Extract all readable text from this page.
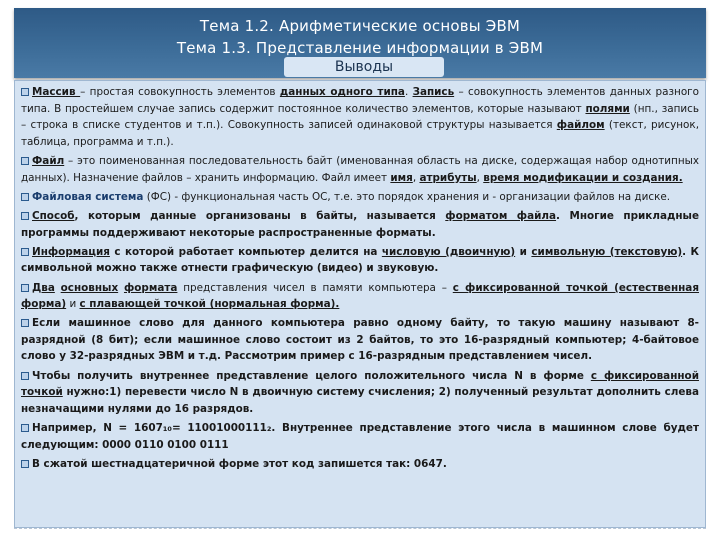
Тема 1.2. Арифметические основы ЭВМ
Тема 1.3. Представление информации в ЭВМ
Выводы
Массив – простая совокупность элементов данных одного типа. Запись – совокупность элементов данных разного типа. В простейшем случае запись содержит постоянное количество элементов, которые называют полями (нп., запись – строка в списке студентов и т.п.). Совокупность записей одинаковой структуры называется файлом (текст, рисунок, таблица, программа и т.п.).
Файл – это поименованная последовательность байт (именованная область на диске, содержащая набор однотипных данных). Назначение файлов – хранить информацию. Файл имеет имя, атрибуты, время модификации и создания.
Файловая система (ФС) - функциональная часть ОС, т.е. это порядок хранения и - организации файлов на диске.
Способ, которым данные организованы в байты, называется форматом файла. Многие прикладные программы поддерживают некоторые распространенные форматы.
Информация с которой работает компьютер делится на числовую (двоичную) и символьную (текстовую). К символьной можно также отнести графическую (видео) и звуковую.
Два основных формата представления чисел в памяти компьютера – с фиксированной точкой (естественная форма) и с плавающей точкой (нормальная форма).
Если машинное слово для данного компьютера равно одному байту, то такую машину называют 8-разрядной (8 бит); если машинное слово состоит из 2 байтов, то это 16-разрядный компьютер; 4-байтовое слово у 32-разрядных ЭВМ и т.д. Рассмотрим пример с 16-разрядным представлением чисел.
Чтобы получить внутреннее представление целого положительного числа N в форме с фиксированной точкой нужно:1) перевести число N в двоичную систему счисления; 2) полученный результат дополнить слева незначащими нулями до 16 разрядов.
Например, N = 1607₁₀= 11001000111₂. Внутреннее представление этого числа в машинном слове будет следующим: 0000 0110 0100 0111
В сжатой шестнадцатеричной форме этот код запишется так: 0647.
